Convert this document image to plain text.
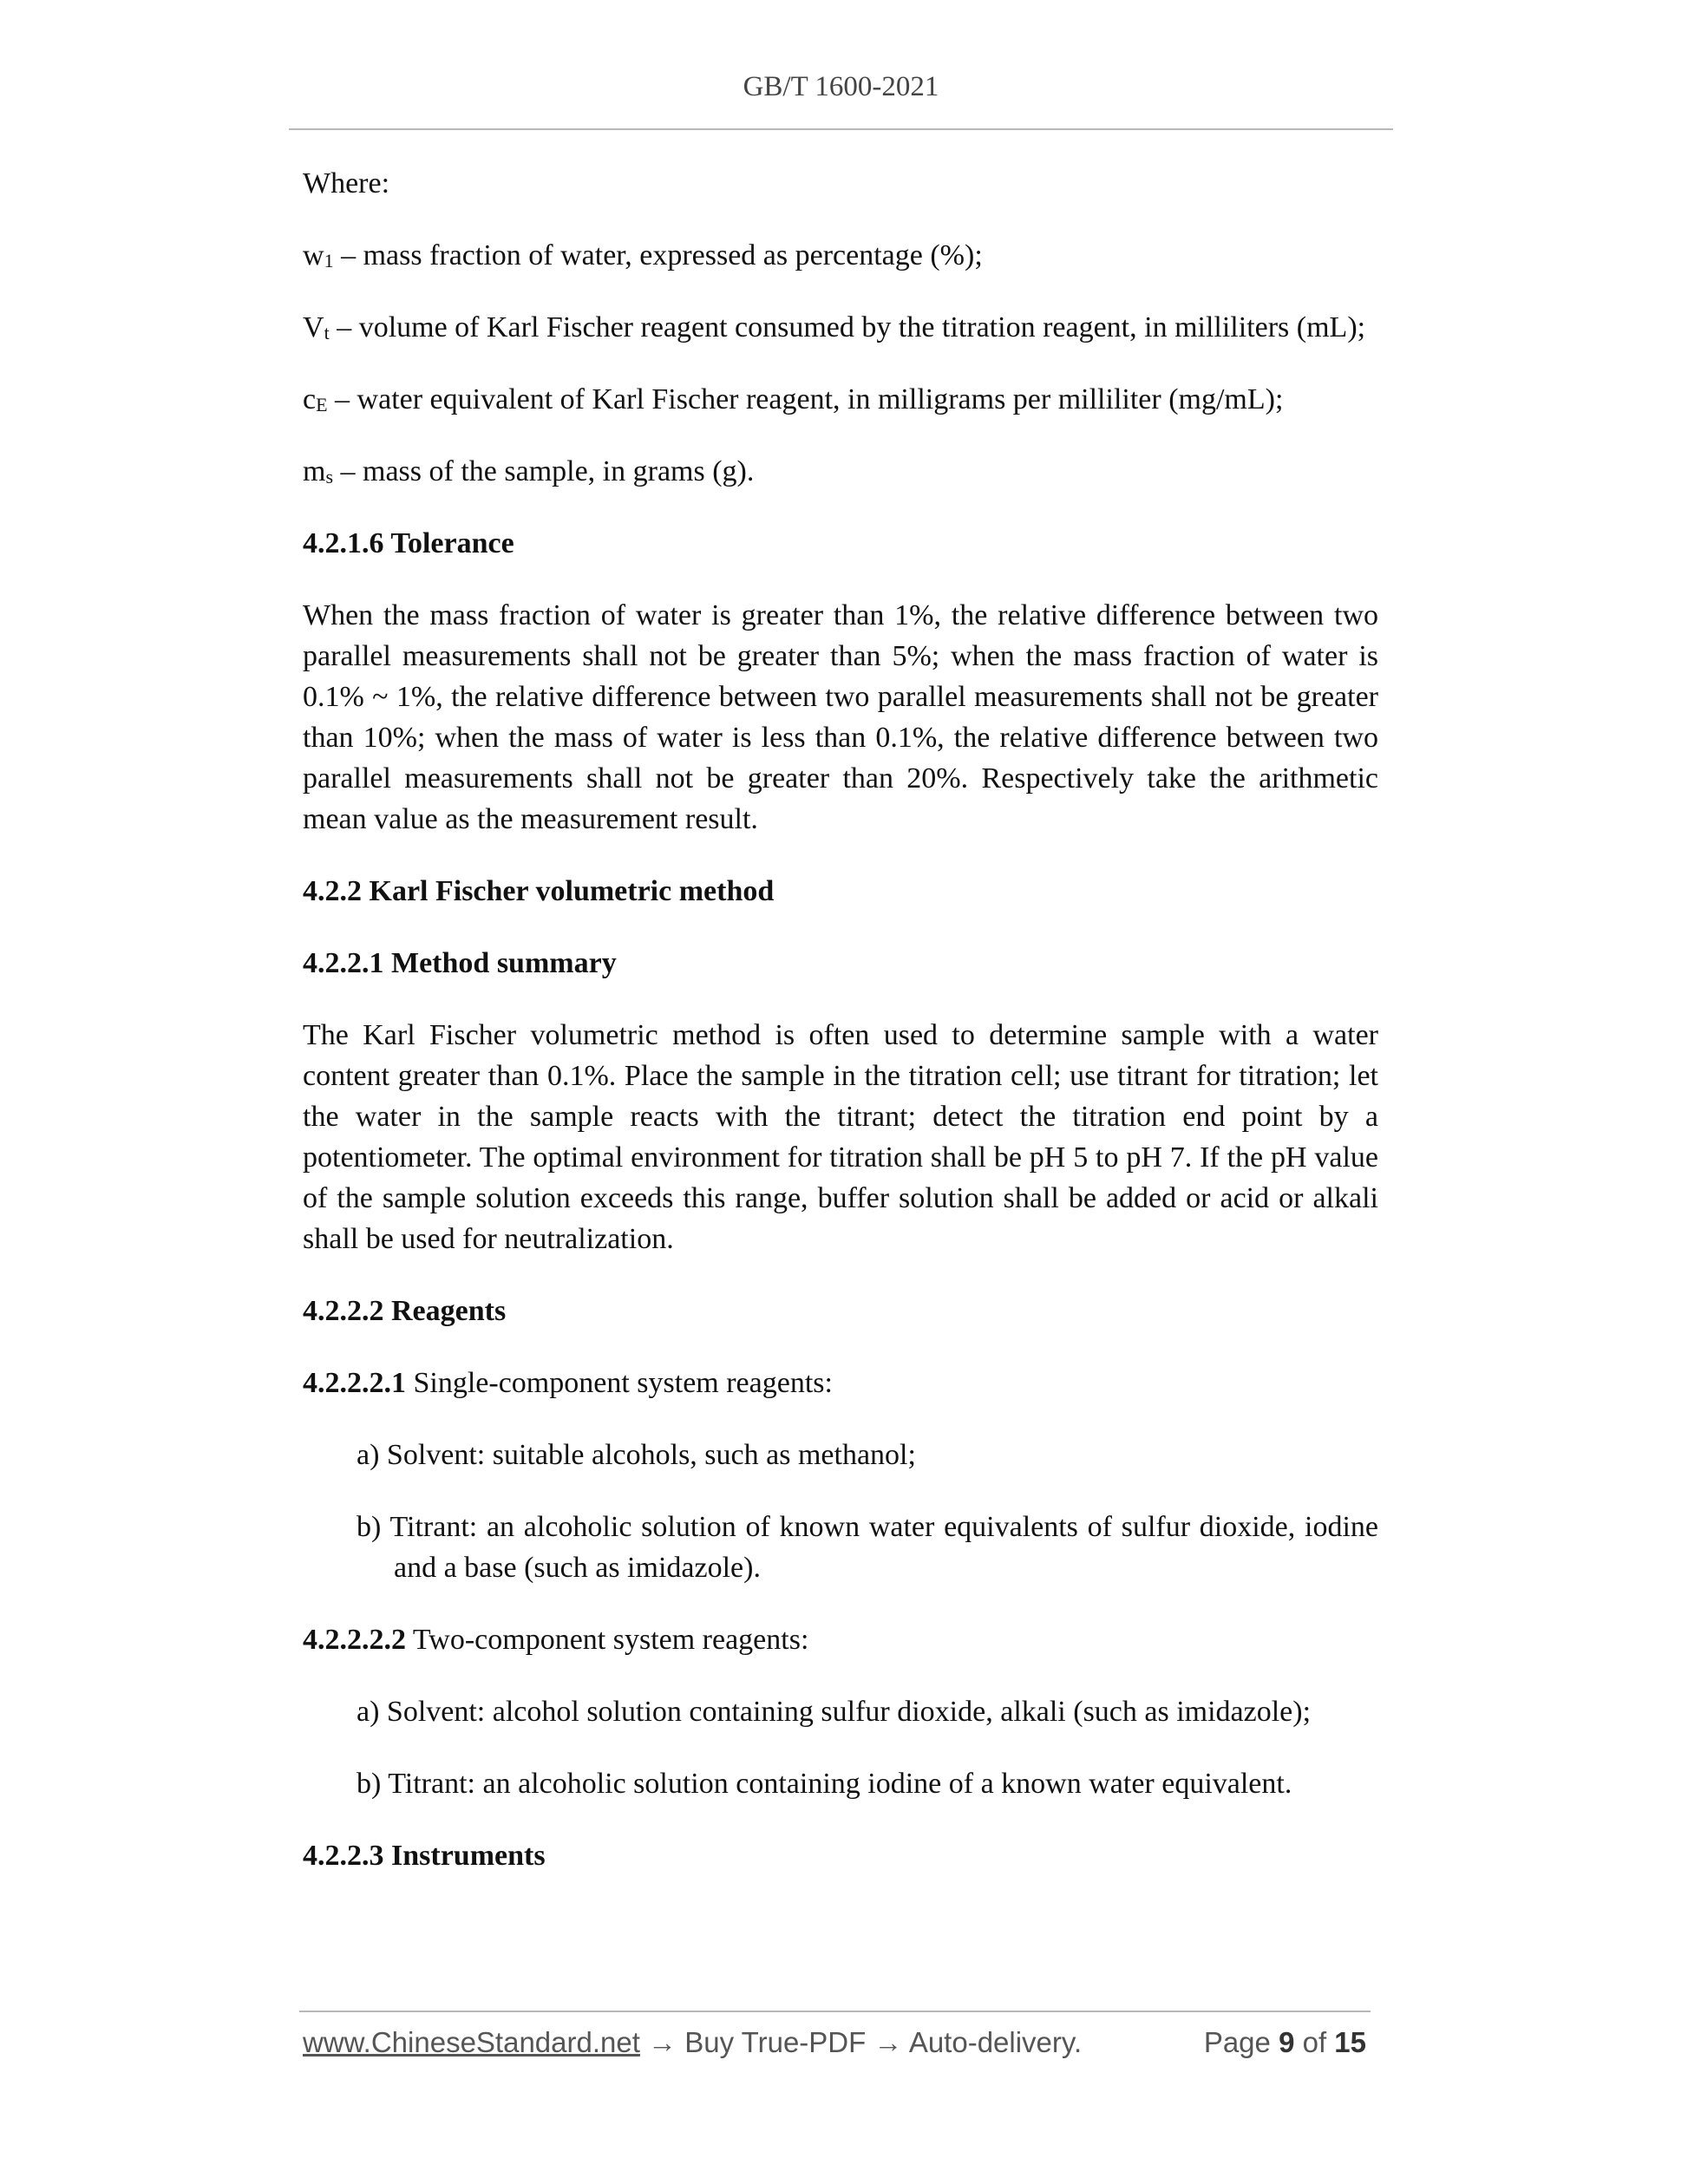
GB/T 1600-2021

Where:

$w_1$ – mass fraction of water, expressed as percentage (%);

$V_t$ – volume of Karl Fischer reagent consumed by the titration reagent, in milliliters (mL);

$c_E$ – water equivalent of Karl Fischer reagent, in milligrams per milliliter (mg/mL);

$m_s$ – mass of the sample, in grams (g).

4.2.1.6 Tolerance

When the mass fraction of water is greater than 1%, the relative difference between two parallel measurements shall not be greater than 5%; when the mass fraction of water is 0.1% ~ 1%, the relative difference between two parallel measurements shall not be greater than 10%; when the mass of water is less than 0.1%, the relative difference between two parallel measurements shall not be greater than 20%. Respectively take the arithmetic mean value as the measurement result.

4.2.2 Karl Fischer volumetric method

4.2.2.1 Method summary

The Karl Fischer volumetric method is often used to determine sample with a water content greater than 0.1%. Place the sample in the titration cell; use titrant for titration; let the water in the sample reacts with the titrant; detect the titration end point by a potentiometer. The optimal environment for titration shall be pH 5 to pH 7. If the pH value of the sample solution exceeds this range, buffer solution shall be added or acid or alkali shall be used for neutralization.

4.2.2.2 Reagents

4.2.2.2.1 Single-component system reagents:

a) Solvent: suitable alcohols, such as methanol;

b) Titrant: an alcoholic solution of known water equivalents of sulfur dioxide, iodine and a base (such as imidazole).

4.2.2.2.2 Two-component system reagents:

a) Solvent: alcohol solution containing sulfur dioxide, alkali (such as imidazole);

b) Titrant: an alcoholic solution containing iodine of a known water equivalent.

4.2.2.3 Instruments

www.ChineseStandard.net → Buy True-PDF → Auto-delivery.	Page 9 of 15
